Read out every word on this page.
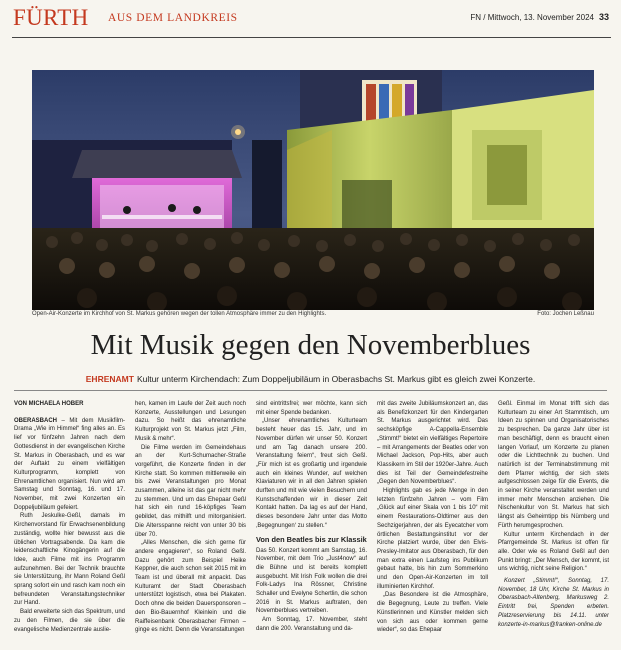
FÜRTH AUS DEM LANDKREIS	FN / Mittwoch, 13. November 2024 33
Open-Air-Konzerte im Kirchhof von St. Markus gehören wegen der tollen Atmosphäre immer zu den Highlights.	Foto: Jochen Leßnau
Mit Musik gegen den Novemberblues
EHRENAMT Kultur unterm Kirchendach: Zum Doppeljubiläum in Oberasbachs St. Markus gibt es gleich zwei Konzerte.
VON MICHAELA HÖBER

OBERASBACH – Mit dem Musikfilm-Drama „Wie im Himmel“ fing alles an. Es lief vor fünfzehn Jahren nach dem Gottesdienst in der evangelischen Kirche St. Markus in Oberasbach, und es war der Auftakt zu einem vielfältigen Kulturprogramm, komplett von Ehrenamtlichen organisiert. Nun wird am Samstag und Sonntag, 16. und 17. November, mit zwei Konzerten ein Doppeljubiläum gefeiert.

Ruth Jeskulke-Geßl, damals im Kirchenvorstand für Erwachsenenbildung zuständig, wollte hier bewusst aus die üblichen Vortragsabende. Da kam die leidenschaftliche Kinogängerin auf die Idee, auch Filme mit ins Programm aufzunehmen. Bei der Technik brauchte sie Unterstützung, ihr Mann Roland Geßl sprang sofort ein und rasch kam noch ein befreundeten Veranstaltungstechniker zur Hand.

Bald erweiterte sich das Spektrum, und zu den Filmen, die sie über die evangelische Medienzentrale auslie-

hen, kamen im Laufe der Zeit auch noch Konzerte, Ausstellungen und Lesungen dazu. So heißt das ehrenamtliche Kulturprojekt von St. Markus jetzt „Film, Musik & mehr“.

Die Filme werden im Gemeindehaus an der Kurt-Schumacher-Straße vorgeführt, die Konzerte finden in der Kirche statt. So kommen mittlerweile ein bis zwei Veranstaltungen pro Monat zusammen, alleine ist das gar nicht mehr zu stemmen. Und um das Ehepaar Geßl hat sich ein rund 16-köpfiges Team gebildet, das mithilft und mitorganisiert. Die Altersspanne reicht von unter 30 bis über 70.

„Alles Menschen, die sich gerne für andere engagieren“, so Roland Geßl. Dazu gehört zum Beispiel Heike Keppner, die auch schon seit 2015 mit im Team ist und überall mit anpackt. Das Kulturamt der Stadt Oberasbach unterstützt logistisch, etwa bei Plakaten. Doch ohne die beiden Dauersponsoren – den Bio-Bauernhof Kleinlein und die Raiffeisenbank Oberasbacher Firmen – ginge es nicht. Denn die Veranstaltungen

sind eintrittsfrei; wer möchte, kann sich mit einer Spende bedanken.

„Unser ehrenamtliches Kulturteam besteht heuer das 15. Jahr, und im November dürfen wir unser 50. Konzert und am Tag danach unsere 200. Veranstaltung feiern“, freut sich Geßl. „Für mich ist es großartig und irgendwie auch ein kleines Wunder, auf welchen Klaviaturen wir in all den Jahren spielen durften und mit wie vielen Besuchern und Kunstschaffenden wir in dieser Zeit Kontakt hatten. Da lag es auf der Hand, dieses besondere Jahr unter das Motto ‚Begegnungen‘ zu stellen.“

Von den Beatles bis zur Klassik

Das 50. Konzert kommt am Samstag, 16. November, mit dem Trio „Just4now“ auf die Bühne und ist bereits komplett ausgebucht. Mit Irish Folk wollen die drei Folk-Ladys Ina Rössner, Christine Schaller und Evelyne Schertlin, die schon 2016 in St. Markus auftraten, den Novemberblues vertreiben.

Am Sonntag, 17. November, steht dann die 200. Veranstaltung und da-

mit das zweite Jubiläumskonzert an, das als Benefizkonzert für den Kindergarten St. Markus ausgerichtet wird. Das sechsköpfige A-Cappella-Ensemble „Stimmt!“ bietet ein vielfältiges Repertoire – mit Arrangements der Beatles oder von Michael Jackson, Pop-Hits, aber auch Klassikern im Stil der 1920er-Jahre. Auch dies ist Teil der Gemeindefestreihe „Gegen den Novemberblues“.

Highlights gab es jede Menge in den letzten fünfzehn Jahren – vom Film „Glück auf einer Skala von 1 bis 10“ mit einem Restaurations-Oldtimer aus den Sechzigerjahren, der als Eyecatcher vom örtlichen Bestattungsinstitut vor der Kirche platziert wurde, über den Elvis-Presley-Imitator aus Oberasbach, für den man extra einen Laufsteg ins Publikum gebaut hatte, bis hin zum Sommerkino und den Open-Air-Konzerten im toll illuminierten Kirchhof.

„Das Besondere ist die Atmosphäre, die Begegnung, Leute zu treffen. Viele Künstlerinnen und Künstler melden sich von sich aus oder kommen gerne wieder“, so das Ehepaar

Geßl. Einmal im Monat trifft sich das Kulturteam zu einer Art Stammtisch, um Ideen zu spinnen und Organisatorisches zu besprechen. Da ganze Jahr über ist man beschäftigt, denn es braucht einen langen Vorlauf, um Konzerte zu planen oder die Lichttechnik zu buchen. Und natürlich ist der Terminabstimmung mit dem Pfarrer wichtig, der sich stets aufgeschlossen zeige für die Events, die in seiner Kirche veranstaltet werden und immer mehr Menschen anziehen. Die Nischenkultur von St. Markus hat sich längst als Geheimtipp bis Nürnberg und Fürth herumgesprochen.

Kultur unterm Kirchendach in der Pfarrgemeinde St. Markus ist offen für alle. Oder wie es Roland Geßl auf den Punkt bringt: „Der Mensch, der kommt, ist uns wichtig, nicht seine Religion.“

Konzert „Stimmt!“, Sonntag, 17. November, 18 Uhr, Kirche St. Markus in Oberasbach-Altenberg, Markusweg 2. Eintritt frei, Spenden erbeten. Platzreservierung bis 14.11. unter konzerte-in-markus@franken-online.de
